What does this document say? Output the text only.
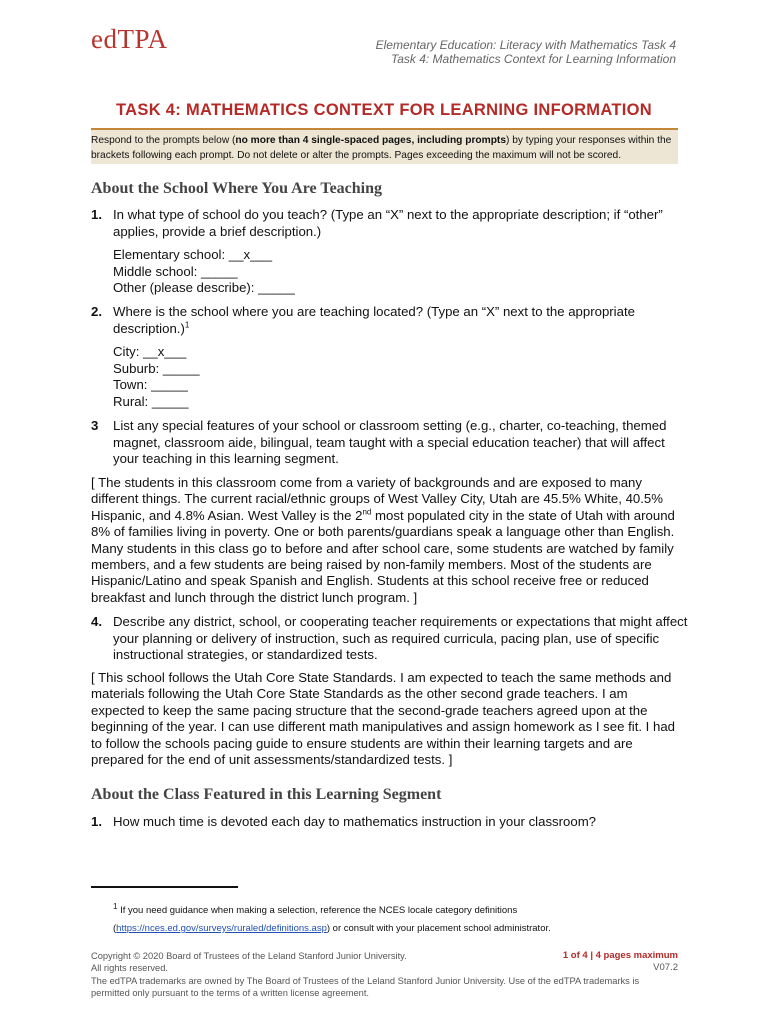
edTPA	Elementary Education: Literacy with Mathematics Task 4
Task 4: Mathematics Context for Learning Information
TASK 4: MATHEMATICS CONTEXT FOR LEARNING INFORMATION
Respond to the prompts below (no more than 4 single-spaced pages, including prompts) by typing your responses within the brackets following each prompt. Do not delete or alter the prompts. Pages exceeding the maximum will not be scored.
About the School Where You Are Teaching
1. In what type of school do you teach? (Type an “X” next to the appropriate description; if “other” applies, provide a brief description.)
Elementary school: __x___
Middle school: _____
Other (please describe): _____
2. Where is the school where you are teaching located? (Type an “X” next to the appropriate description.)$^1$
City: __x___
Suburb: _____
Town: _____
Rural: _____
3 List any special features of your school or classroom setting (e.g., charter, co-teaching, themed magnet, classroom aide, bilingual, team taught with a special education teacher) that will affect your teaching in this learning segment.
[ The students in this classroom come from a variety of backgrounds and are exposed to many different things. The current racial/ethnic groups of West Valley City, Utah are 45.5% White, 40.5% Hispanic, and 4.8% Asian. West Valley is the 2nd most populated city in the state of Utah with around 8% of families living in poverty. One or both parents/guardians speak a language other than English. Many students in this class go to before and after school care, some students are watched by family members, and a few students are being raised by non-family members. Most of the students are Hispanic/Latino and speak Spanish and English. Students at this school receive free or reduced breakfast and lunch through the district lunch program. ]
4. Describe any district, school, or cooperating teacher requirements or expectations that might affect your planning or delivery of instruction, such as required curricula, pacing plan, use of specific instructional strategies, or standardized tests.
[ This school follows the Utah Core State Standards. I am expected to teach the same methods and materials following the Utah Core State Standards as the other second grade teachers. I am expected to keep the same pacing structure that the second-grade teachers agreed upon at the beginning of the year. I can use different math manipulatives and assign homework as I see fit. I had to follow the schools pacing guide to ensure students are within their learning targets and are prepared for the end of unit assessments/standardized tests. ]
About the Class Featured in this Learning Segment
1. How much time is devoted each day to mathematics instruction in your classroom?
$^1$ If you need guidance when making a selection, reference the NCES locale category definitions
(https://nces.ed.gov/surveys/ruraled/definitions.asp) or consult with your placement school administrator.
Copyright © 2020 Board of Trustees of the Leland Stanford Junior University.
All rights reserved.
The edTPA trademarks are owned by The Board of Trustees of the Leland Stanford Junior University. Use of the edTPA trademarks is permitted only pursuant to the terms of a written license agreement.
1 of 4 | 4 pages maximum
V07.2
